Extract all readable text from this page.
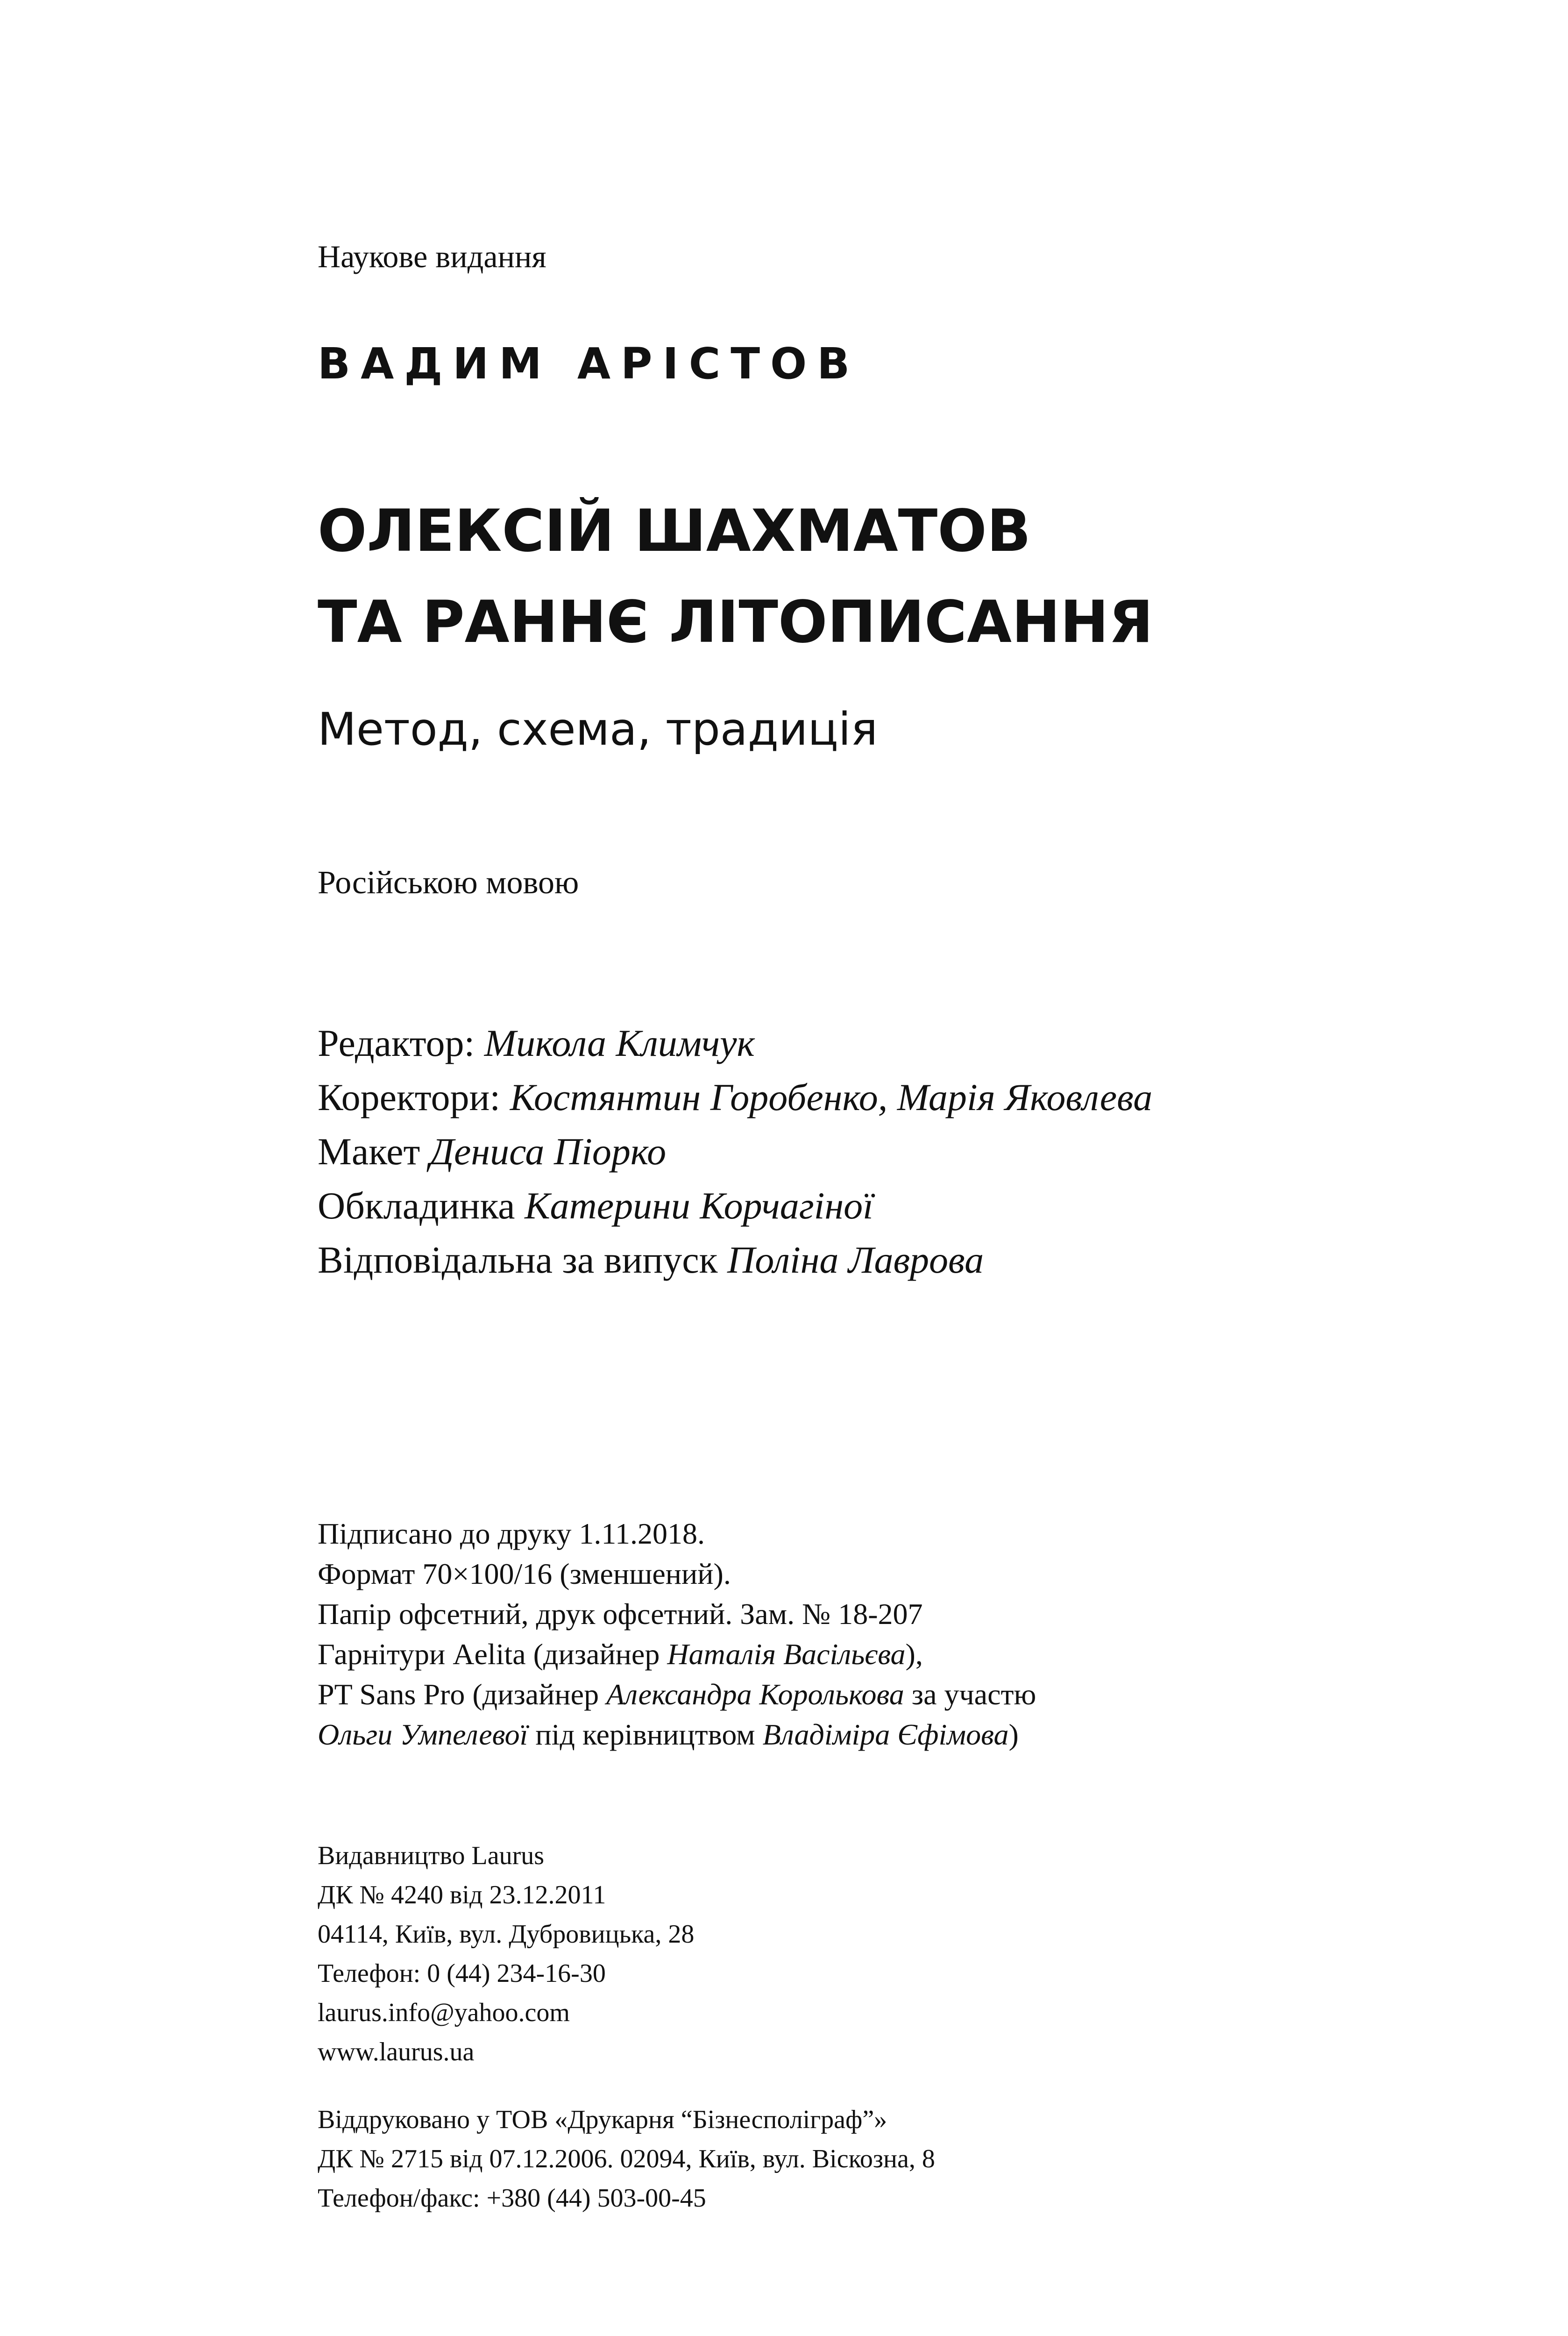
Наукове видання
ВАДИМ АРІСТОВ
ОЛЕКСІЙ ШАХМАТОВ
ТА РАННЄ ЛІТОПИСАННЯ
Метод, схема, традиція
Російською мовою
Редактор: Микола Климчук
Коректори: Костянтин Горобенко, Марія Яковлева
Макет Дениса Піорко
Обкладинка Катерини Корчагіної
Відповідальна за випуск Поліна Лаврова
Підписано до друку 1.11.2018.
Формат 70×100/16 (зменшений).
Папір офсетний, друк офсетний. Зам. № 18-207
Гарнітури Aelita (дизайнер Наталія Васільєва),
PT Sans Pro (дизайнер Александра Королькова за участю
Ольги Умпелевої під керівництвом Владіміра Єфімова)
Видавництво Laurus
ДК № 4240 від 23.12.2011
04114, Київ, вул. Дубровицька, 28
Телефон: 0 (44) 234-16-30
laurus.info@yahoo.com
www.laurus.ua
Віддруковано у ТОВ «Друкарня “Бізнесполіграф”»
ДК № 2715 від 07.12.2006. 02094, Київ, вул. Віскозна, 8
Телефон/факс: +380 (44) 503-00-45
